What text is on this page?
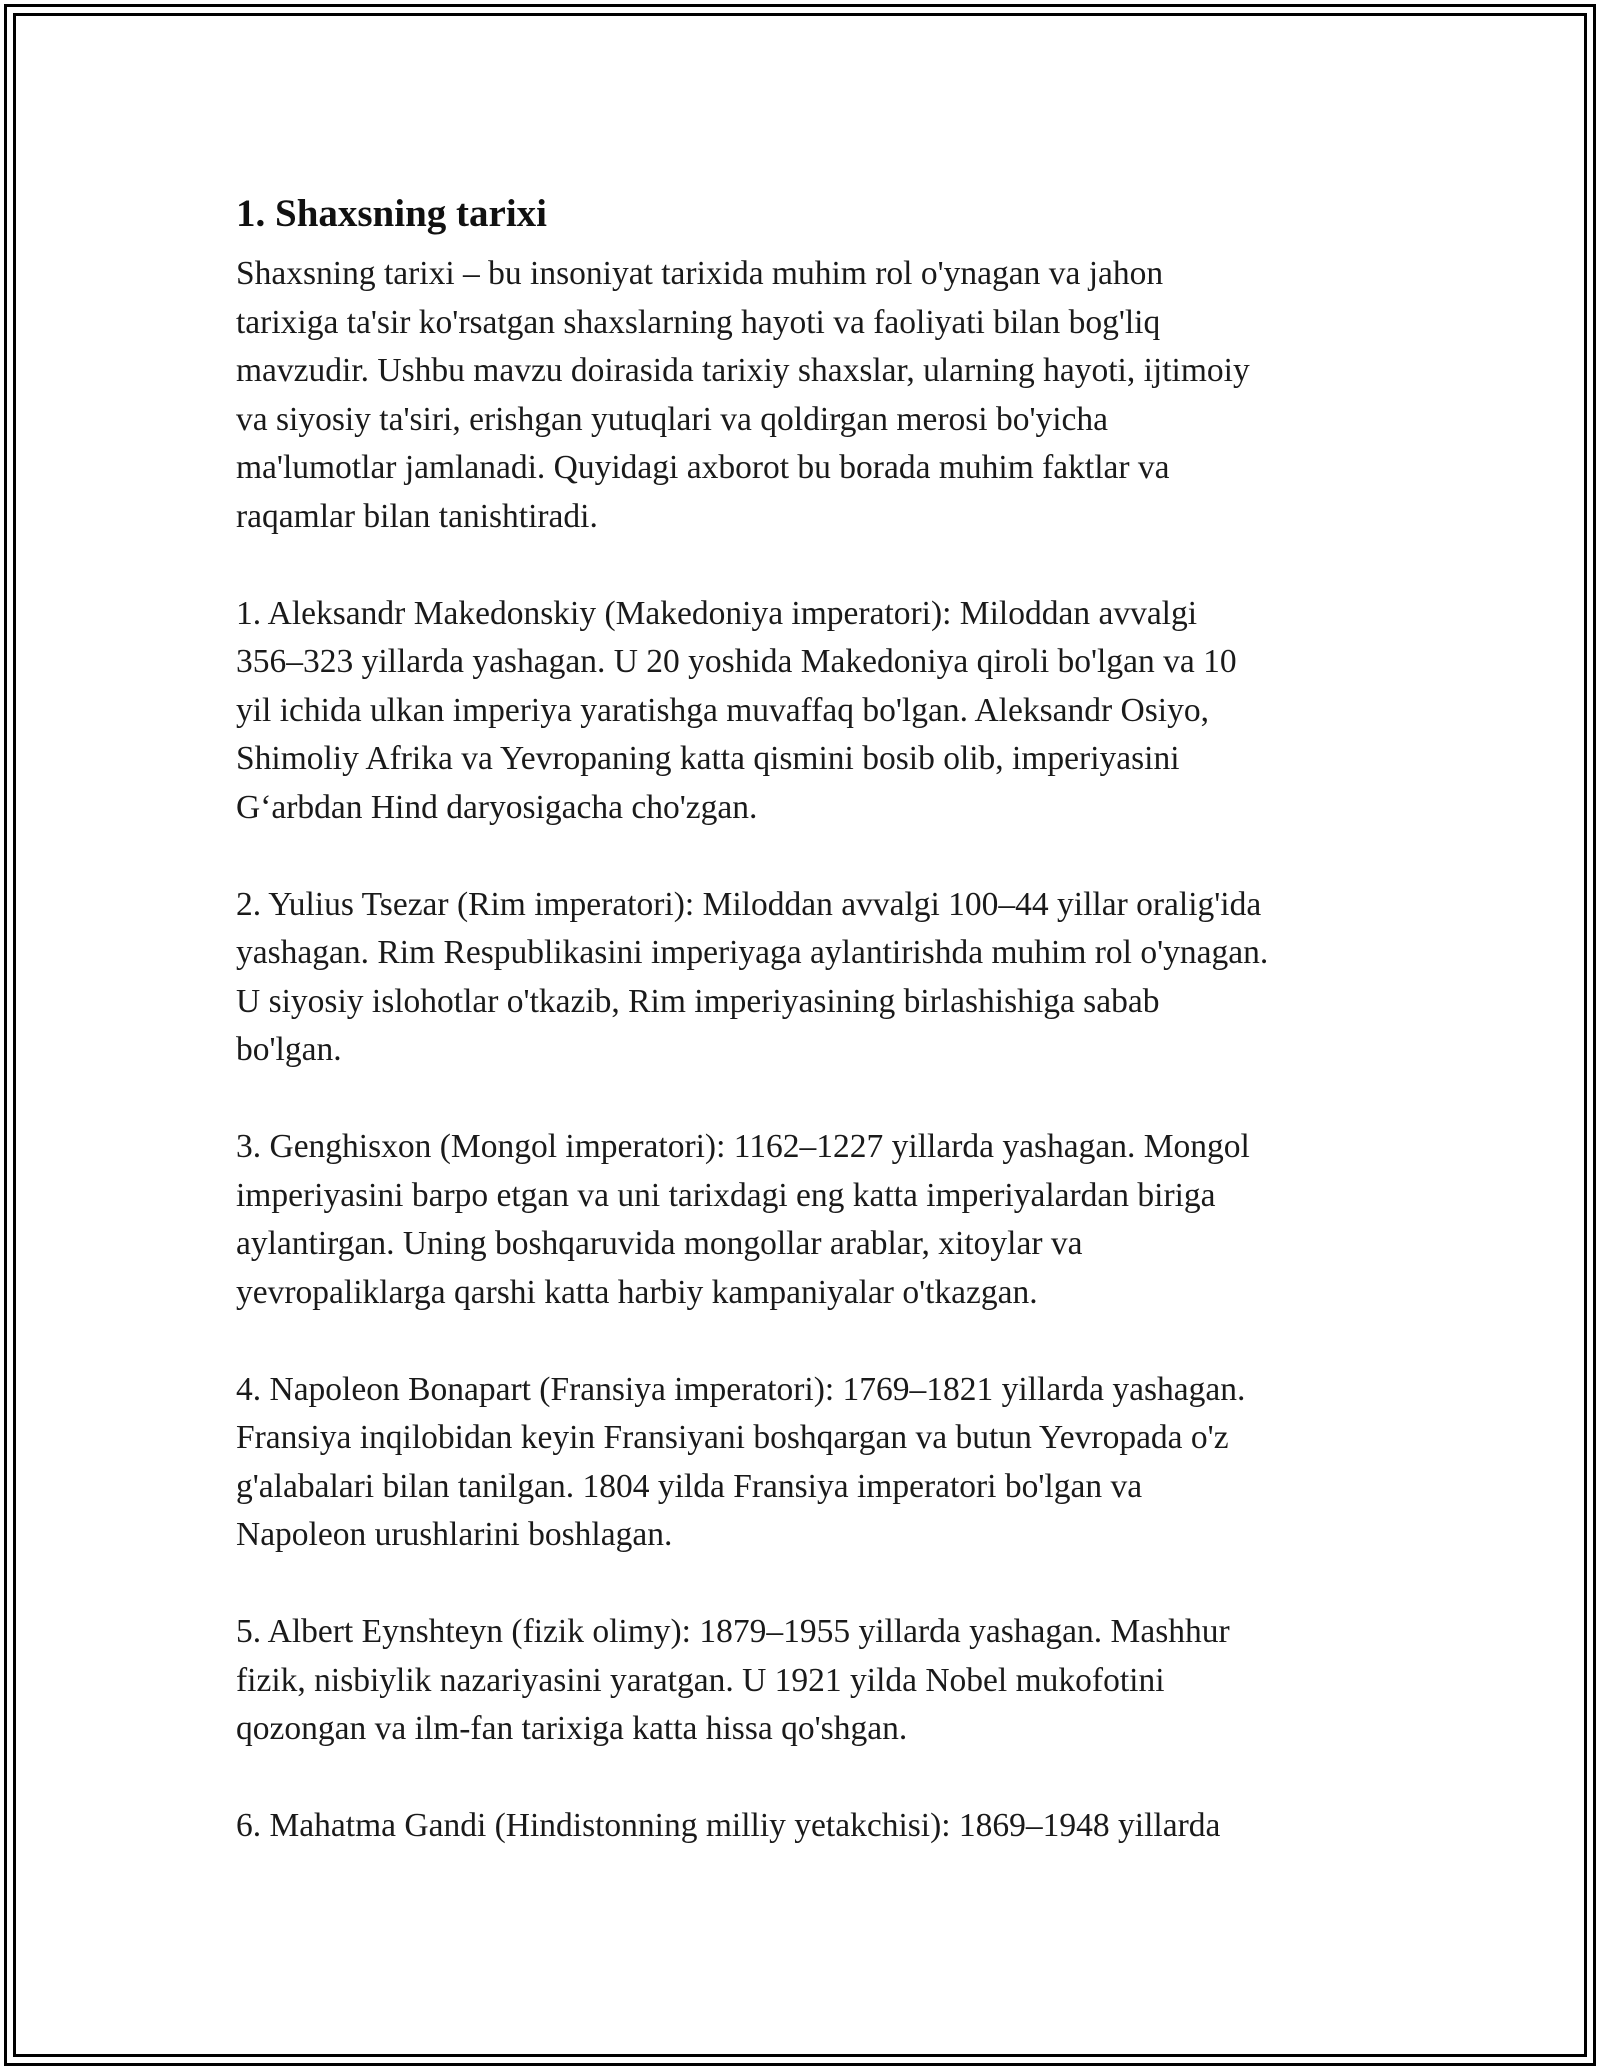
1. Shaxsning tarixi

Shaxsning tarixi – bu insoniyat tarixida muhim rol o'ynagan va jahon
tarixiga ta'sir ko'rsatgan shaxslarning hayoti va faoliyati bilan bog'liq
mavzudir. Ushbu mavzu doirasida tarixiy shaxslar, ularning hayoti, ijtimoiy
va siyosiy ta'siri, erishgan yutuqlari va qoldirgan merosi bo'yicha
ma'lumotlar jamlanadi. Quyidagi axborot bu borada muhim faktlar va
raqamlar bilan tanishtiradi.

1. Aleksandr Makedonskiy (Makedoniya imperatori): Miloddan avvalgi
356–323 yillarda yashagan. U 20 yoshida Makedoniya qiroli bo'lgan va 10
yil ichida ulkan imperiya yaratishga muvaffaq bo'lgan. Aleksandr Osiyo,
Shimoliy Afrika va Yevropaning katta qismini bosib olib, imperiyasini
G‘arbdan Hind daryosigacha cho'zgan.

2. Yulius Tsezar (Rim imperatori): Miloddan avvalgi 100–44 yillar oralig'ida
yashagan. Rim Respublikasini imperiyaga aylantirishda muhim rol o'ynagan.
U siyosiy islohotlar o'tkazib, Rim imperiyasining birlashishiga sabab
bo'lgan.

3. Genghisxon (Mongol imperatori): 1162–1227 yillarda yashagan. Mongol
imperiyasini barpo etgan va uni tarixdagi eng katta imperiyalardan biriga
aylantirgan. Uning boshqaruvida mongollar arablar, xitoylar va
yevropaliklarga qarshi katta harbiy kampaniyalar o'tkazgan.

4. Napoleon Bonapart (Fransiya imperatori): 1769–1821 yillarda yashagan.
Fransiya inqilobidan keyin Fransiyani boshqargan va butun Yevropada o'z
g'alabalari bilan tanilgan. 1804 yilda Fransiya imperatori bo'lgan va
Napoleon urushlarini boshlagan.

5. Albert Eynshteyn (fizik olimy): 1879–1955 yillarda yashagan. Mashhur
fizik, nisbiylik nazariyasini yaratgan. U 1921 yilda Nobel mukofotini
qozongan va ilm-fan tarixiga katta hissa qo'shgan.

6. Mahatma Gandi (Hindistonning milliy yetakchisi): 1869–1948 yillarda
